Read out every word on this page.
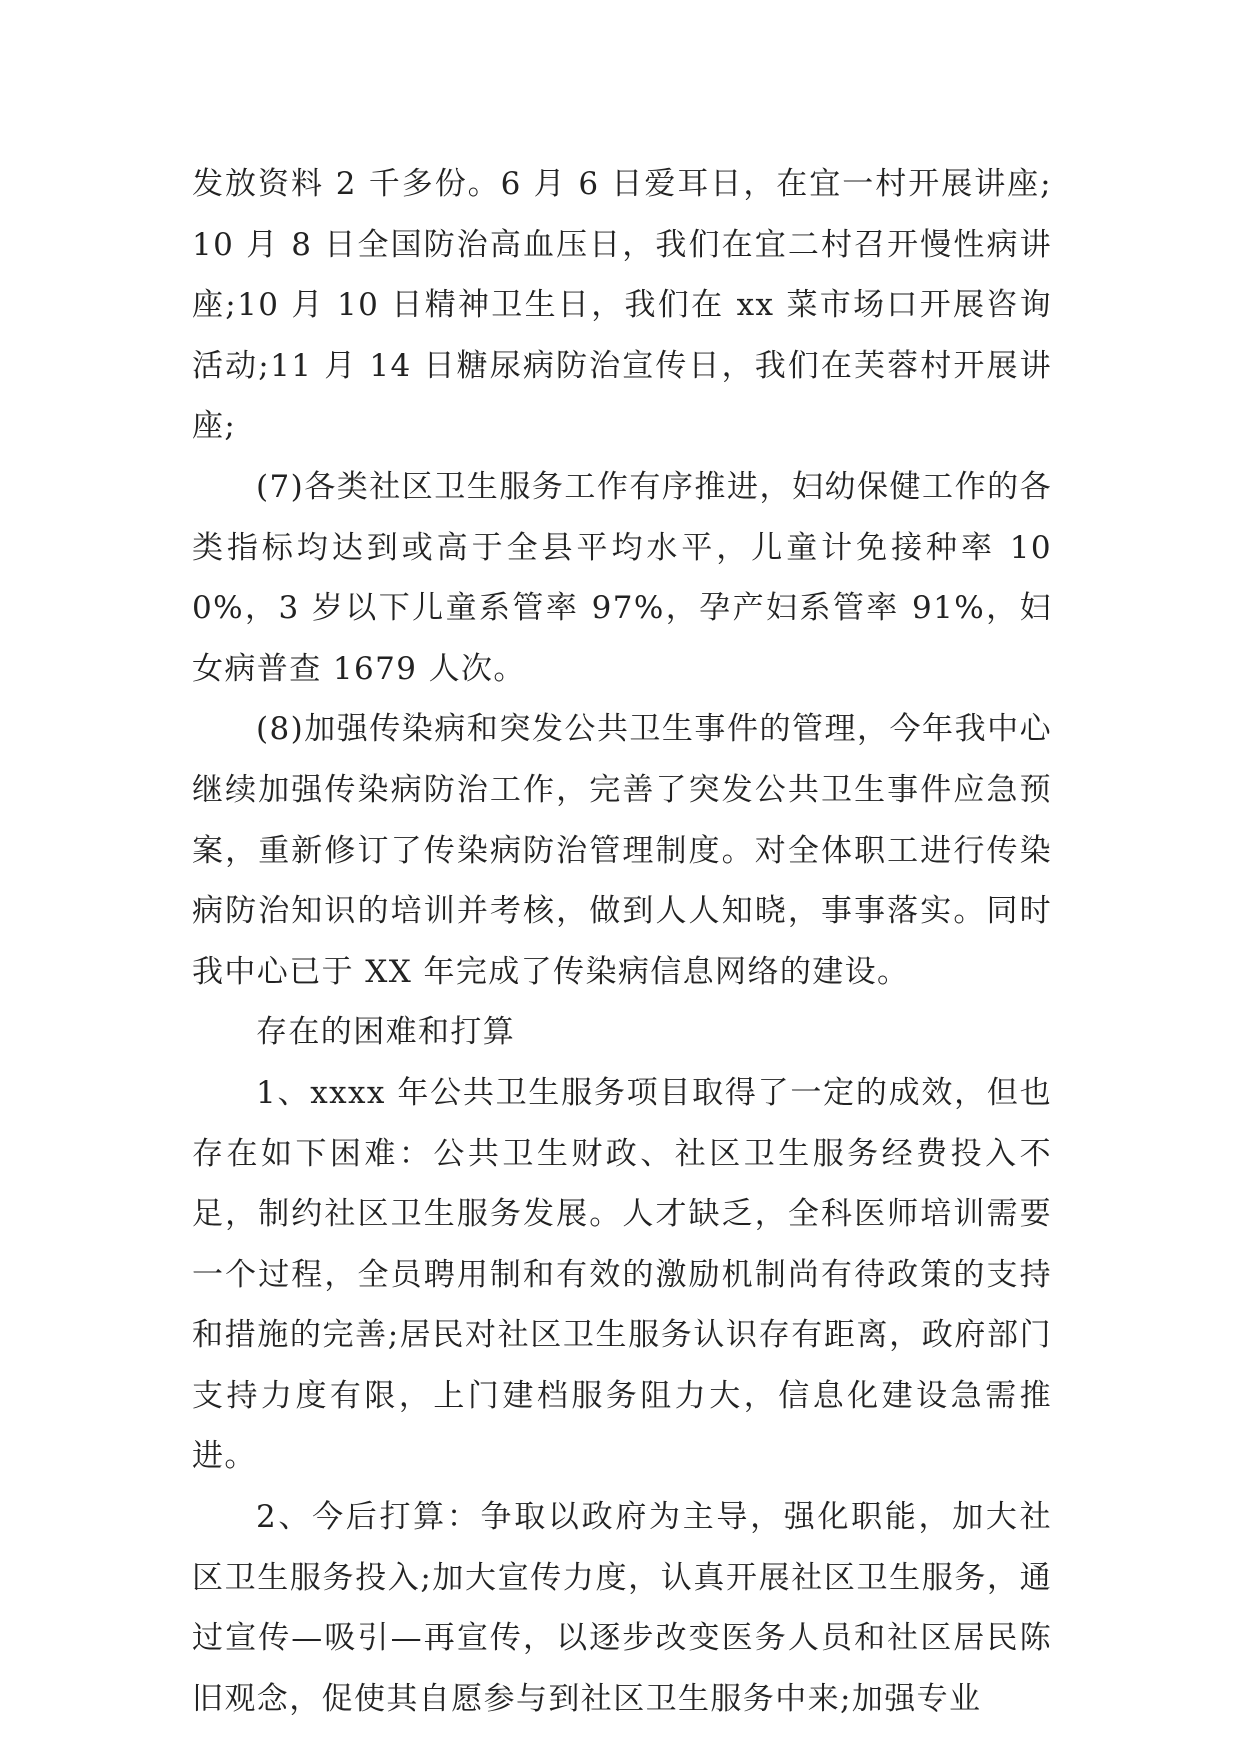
发放资料 2 千多份。6 月 6 日爱耳日，在宜一村开展讲座;10 月 8 日全国防治高血压日，我们在宜二村召开慢性病讲座;10 月 10 日精神卫生日，我们在 xx 菜市场口开展咨询活动;11 月 14 日糖尿病防治宣传日，我们在芙蓉村开展讲座;

(7)各类社区卫生服务工作有序推进，妇幼保健工作的各类指标均达到或高于全县平均水平，儿童计免接种率 100%，3 岁以下儿童系管率 97%，孕产妇系管率 91%，妇女病普查 1679 人次。

(8)加强传染病和突发公共卫生事件的管理，今年我中心继续加强传染病防治工作，完善了突发公共卫生事件应急预案，重新修订了传染病防治管理制度。对全体职工进行传染病防治知识的培训并考核，做到人人知晓，事事落实。同时我中心已于 XX 年完成了传染病信息网络的建设。

存在的困难和打算

1、xxxx 年公共卫生服务项目取得了一定的成效，但也存在如下困难：公共卫生财政、社区卫生服务经费投入不足，制约社区卫生服务发展。人才缺乏，全科医师培训需要一个过程，全员聘用制和有效的激励机制尚有待政策的支持和措施的完善;居民对社区卫生服务认识存有距离，政府部门支持力度有限，上门建档服务阻力大，信息化建设急需推进。

2、今后打算：争取以政府为主导，强化职能，加大社区卫生服务投入;加大宣传力度，认真开展社区卫生服务，通过宣传—吸引—再宣传，以逐步改变医务人员和社区居民陈旧观念，促使其自愿参与到社区卫生服务中来;加强专业
